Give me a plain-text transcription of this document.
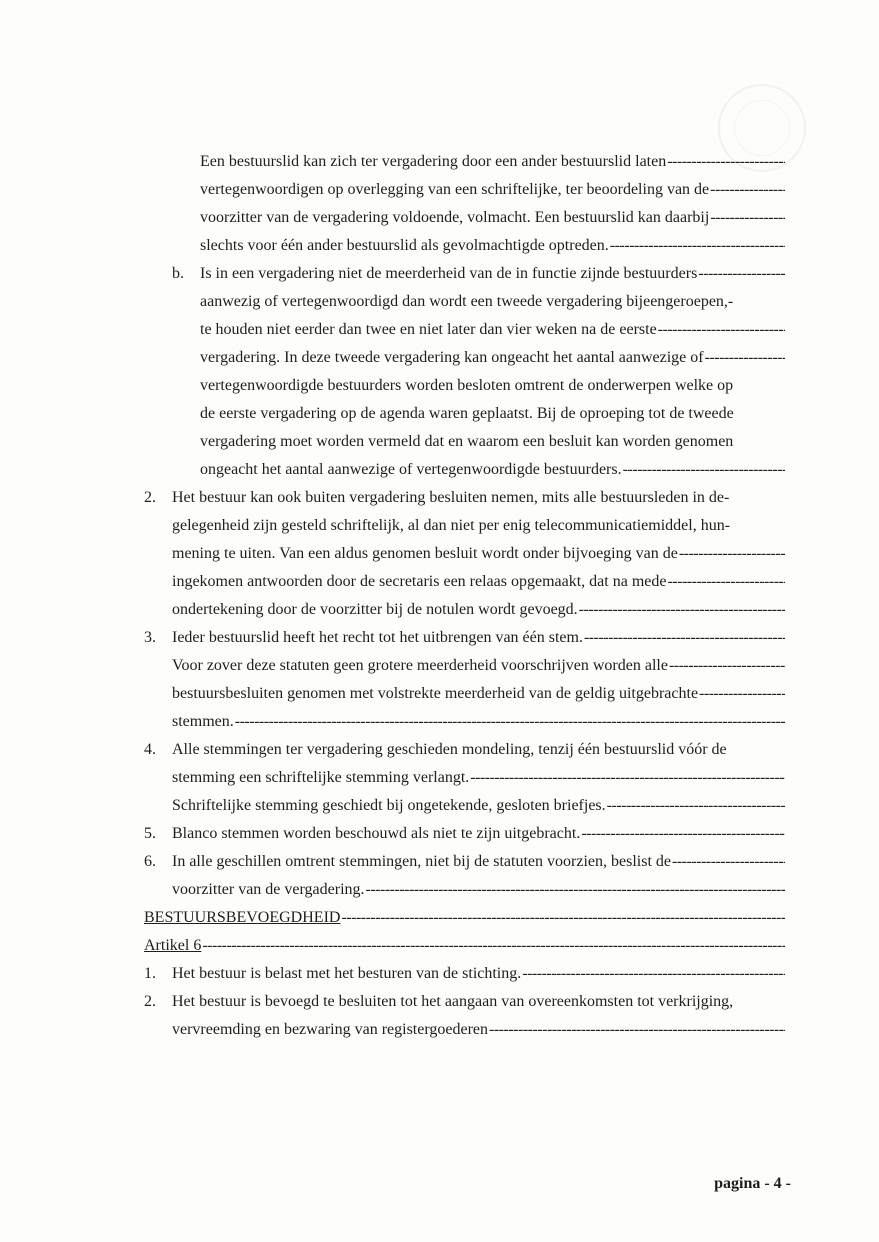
Een bestuurslid kan zich ter vergadering door een ander bestuurslid laten
-----
vertegenwoordigen op overlegging van een schriftelijke, ter beoordeling van de
-----
voorzitter van de vergadering voldoende, volmacht. Een bestuurslid kan daarbij
-----
slechts voor één ander bestuurslid als gevolmachtigde optreden.
-----
b. Is in een vergadering niet de meerderheid van de in functie zijnde bestuurders
-----
aanwezig of vertegenwoordigd dan wordt een tweede vergadering bijeengeroepen,-
te houden niet eerder dan twee en niet later dan vier weken na de eerste
-----
vergadering. In deze tweede vergadering kan ongeacht het aantal aanwezige of
-----
vertegenwoordigde bestuurders worden besloten omtrent de onderwerpen welke op
de eerste vergadering op de agenda waren geplaatst. Bij de oproeping tot de tweede
vergadering moet worden vermeld dat en waarom een besluit kan worden genomen
ongeacht het aantal aanwezige of vertegenwoordigde bestuurders.
-----
2. Het bestuur kan ook buiten vergadering besluiten nemen, mits alle bestuursleden in de-
gelegenheid zijn gesteld schriftelijk, al dan niet per enig telecommunicatiemiddel, hun-
mening te uiten. Van een aldus genomen besluit wordt onder bijvoeging van de
-----
ingekomen antwoorden door de secretaris een relaas opgemaakt, dat na mede
-----
ondertekening door de voorzitter bij de notulen wordt gevoegd.
-----
3. Ieder bestuurslid heeft het recht tot het uitbrengen van één stem.
-----
Voor zover deze statuten geen grotere meerderheid voorschrijven worden alle
-----
bestuursbesluiten genomen met volstrekte meerderheid van de geldig uitgebrachte
-----
stemmen.
-----
4. Alle stemmingen ter vergadering geschieden mondeling, tenzij één bestuurslid vóór de
stemming een schriftelijke stemming verlangt.
-----
Schriftelijke stemming geschiedt bij ongetekende, gesloten briefjes.
-----
5. Blanco stemmen worden beschouwd als niet te zijn uitgebracht.
-----
6. In alle geschillen omtrent stemmingen, niet bij de statuten voorzien, beslist de
-----
voorzitter van de vergadering.
-----
BESTUURSBEVOEGDHEID
-----
Artikel 6
-----
1. Het bestuur is belast met het besturen van de stichting.
-----
2. Het bestuur is bevoegd te besluiten tot het aangaan van overeenkomsten tot verkrijging,
vervreemding en bezwaring van registergoederen
-----
pagina - 4 -
